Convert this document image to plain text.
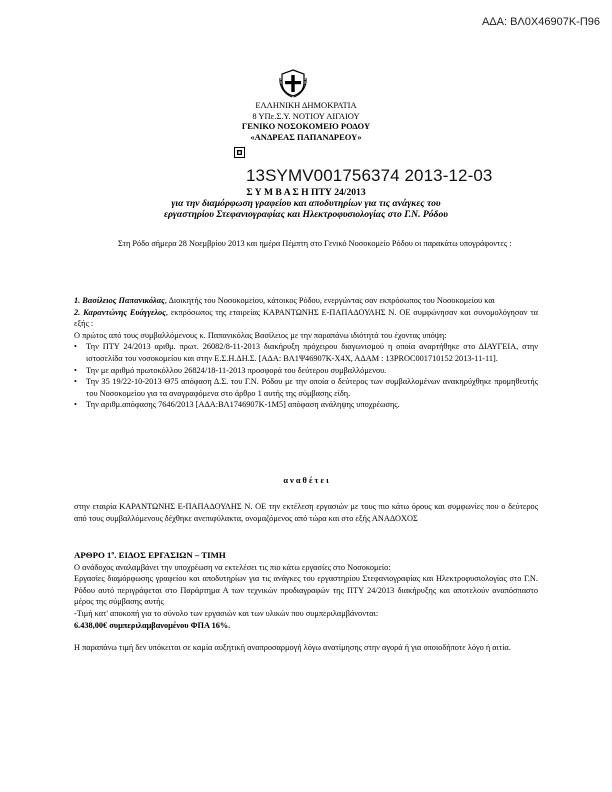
ΑΔΑ: ΒΛ0Χ46907Κ-Π96
ΕΛΛΗΝΙΚΗ ΔΗΜΟΚΡΑΤΙΑ
8 ΥΠε.Σ.Υ. ΝΟΤΙΟΥ ΑΙΓΑΙΟΥ
ΓΕΝΙΚΟ ΝΟΣΟΚΟΜΕΙΟ ΡΟΔΟΥ
«ΑΝΔΡΕΑΣ ΠΑΠΑΝΔΡΕΟΥ»
13SYMV001756374 2013-12-03
Σ Υ Μ Β Α Σ Η ΠΤΥ 24/2013
για την διαμόρφωση γραφείου και αποδυτηρίων για τις ανάγκες του
εργαστηρίου Στεφανιογραφίας και Ηλεκτροφυσιολογίας στο Γ.Ν. Ρόδου
Στη Ρόδο σήμερα 28 Νοεμβρίου 2013 και ημέρα Πέμπτη στο Γενικό Νοσοκομείο Ρόδου οι παρακάτω υπογράφοντες :
1. Βασίλειος Παπανικόλας, Διοικητής του Νοσοκομείου, κάτοικος Ρόδου, ενεργώντας σαν εκπρόσωπος του Νοσοκομείου και
2. Καραντώνης Ευάγγελος, εκπρόσωπος της εταιρείας ΚΑΡΑΝΤΩΝΗΣ Ε-ΠΑΠΑΔΟΥΛΗΣ Ν. ΟΕ συμφώνησαν και συνομολόγησαν τα εξής :
Ο πρώτος από τους συμβαλλόμενους κ. Παπανικόλας Βασίλειος με την παραπάνω ιδιότητά του έχοντας υπόψη:
• Την ΠΤΥ 24/2013 αριθμ. πρωτ. 26082/8-11-2013 διακήρυξη πρόχειρου διαγωνισμού η οποία αναρτήθηκε στο ΔΙΑΥΓΕΙΑ, στην ιστοσελίδα του νοσοκομείου και στην Ε.Σ.Η.ΔΗ.Σ. [ΑΔΑ: ΒΛ1Ψ46907Κ-Χ4Χ, ΑΔΑΜ : 13PROC001710152 2013-11-11].
• Την με αριθμό πρωτοκόλλου 26824/18-11-2013 προσφορά του δεύτερου συμβαλλόμενου.
• Την 35 19/22-10-2013 Θ75 απόφαση Δ.Σ. του Γ.Ν. Ρόδου με την οποία ο δεύτερος των συμβαλλομένων ανακηρύχθηκε προμηθευτής του Νοσοκομείου για τα αναγραφόμενα στο άρθρο 1 αυτής της σύμβασης είδη.
• Την αριθμ.απόφασης 7646/2013 [ΑΔΑ:ΒΛ1746907Κ-1Μ5] απόφαση ανάληψης υποχρέωσης.
α ν α θ έ τ ε ι
στην εταιρία ΚΑΡΑΝΤΩΝΗΣ Ε-ΠΑΠΑΔΟΥΛΗΣ Ν. ΟΕ την εκτέλεση εργασιών με τους πιο κάτω όρους και συμφωνίες που ο δεύτερος από τους συμβαλλόμενους δέχθηκε ανεπιφύλακτα, ονομαζόμενος από τώρα και στο εξής ΑΝΑΔΟΧΟΣ
ΑΡΘΡΟ 1º. ΕΙΔΟΣ ΕΡΓΑΣΙΩΝ – ΤΙΜΗ
Ο ανάδοχος αναλαμβάνει την υποχρέωση να εκτελέσει τις πιο κάτω εργασίες στο Νοσοκομείο:
Εργασίες διαμόρφωσης γραφείου και αποδυτηρίων για τις ανάγκες του εργαστηρίου Στεφανιογραφίας και Ηλεκτροφυσιολογίας στο Γ.Ν. Ρόδου αυτό περιγράφεται στο Παράρτημα Α των τεχνικών προδιαγραφών της ΠΤΥ 24/2013 διακήρυξης και αποτελούν αναπόσπαστο μέρος της σύμβασης αυτής
-Τιμή κατ' αποκοπή για το σύνολο των εργασιών και των υλικών που συμπεριλαμβάνονται:
6.438,00€ συμπεριλαμβανομένου ΦΠΑ 16%.
Η παραπάνω τιμή δεν υπόκειται σε καμία αυξητική αναπροσαρμογή λόγω ανατίμησης στην αγορά ή για οποιοδήποτε λόγο ή αιτία.
